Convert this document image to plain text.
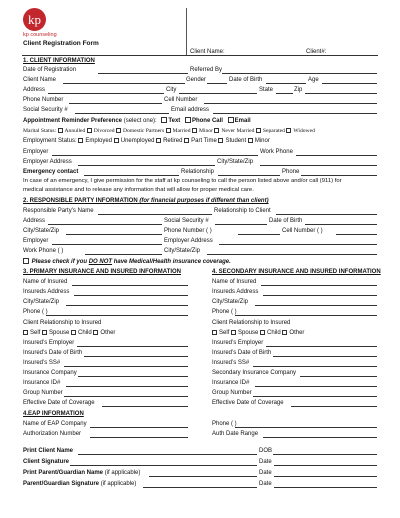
kp
kp counseling
Client Registration Form
Client Name:	Client#:
1. CLIENT INFORMATION
Date of Registration	Referred By
Client Name	Gender	Date of Birth	Age
Address	City	State	Zip
Phone Number	Cell Number
Social Security #	Email address
Appointment Reminder Preference (select one): Text Phone Call Email
Marital Status: Annulled Divorced Domestic Partners Married Minor Never Married Separated Widowed
Employment Status: Employed Unemployed Retired Part Time Student Minor
Employer	Work Phone
Employer Address	City/State/Zip
Emergency contact	Relationship	Phone
In case of an emergency, I give permission for the staff at kp counseling to call the person listed above and/or call (911) for
medical assistance and to release any information that will allow for proper medical care.
2. RESPONSIBLE PARTY INFORMATION (for financial purposes if different than client)
Responsible Party’s Name	Relationship to Client
Address	Social Security #	Date of Birth
City/State/Zip	Phone Number ( )	Cell Number ( )
Employer	Employer Address
Work Phone ( )	City/State/Zip
Please check if you DO NOT have Medical/Health insurance coverage.
3. PRIMARY INSURANCE AND INSURED INFORMATION	4. SECONDARY INSURANCE AND INSURED INFORMATION
Name of Insured
Insureds Address
City/State/Zip
Phone ( )
Client Relationship to Insured
Self Spouse Child Other
Insured’s Employer
Insured’s Date of Birth
Insured’s SS#
Insurance Company
Insurance ID#
Group Number
Effective Date of Coverage
Name of Insured
Insureds Address
City/State/Zip
Phone ( )
Client Relationship to Insured
Self Spouse Child Other
Insured’s Employer
Insured’s Date of Birth
Insured’s SS#
Secondary Insurance Company
Insurance ID#
Group Number
Effective Date of Coverage
4.EAP INFORMATION
Name of EAP Company	Phone ( )
Authorization Number	Auth Date Range
Print Client Name	DOB
Client Signature	Date
Print Parent/Guardian Name (if applicable)	Date
Parent/Guardian Signature (if applicable)	Date
